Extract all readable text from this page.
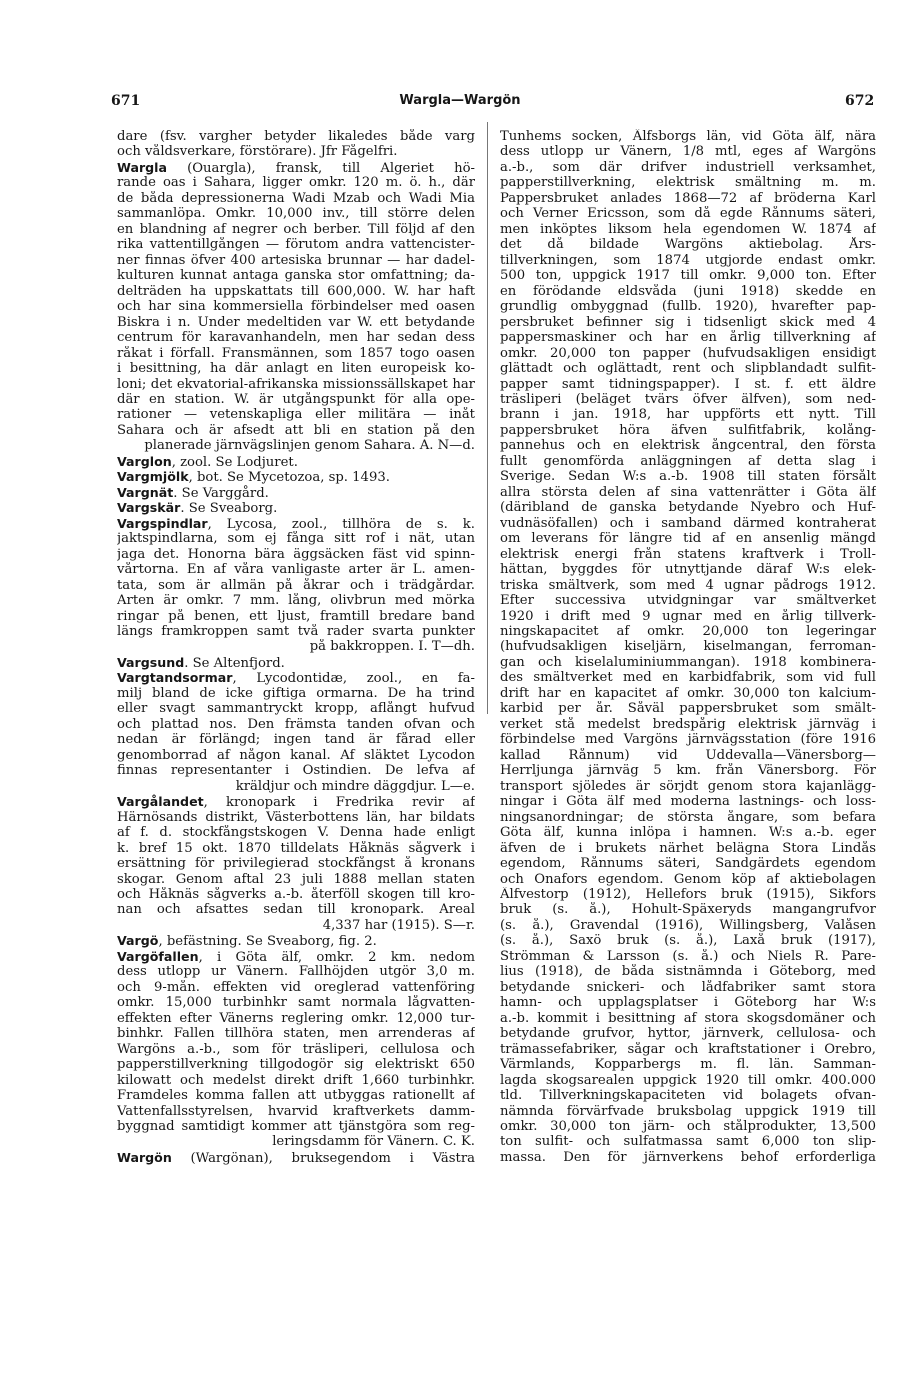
671	Wargla—Wargön	672
dare (fsv. vargher betyder likaledes både varg
och våldsverkare, förstörare). Jfr Fågelfri.
Wargla (Ouargla), fransk, till Algeriet hö-
rande oas i Sahara, ligger omkr. 120 m. ö. h., där
de båda depressionerna Wadi Mzab och Wadi Mia
sammanlöpa. Omkr. 10,000 inv., till större delen
en blandning af negrer och berber. Till följd af den
rika vattentillgången — förutom andra vattencister-
ner finnas öfver 400 artesiska brunnar — har dadel-
kulturen kunnat antaga ganska stor omfattning; da-
delträden ha uppskattats till 600,000. W. har haft
och har sina kommersiella förbindelser med oasen
Biskra i n. Under medeltiden var W. ett betydande
centrum för karavanhandeln, men har sedan dess
råkat i förfall. Fransmännen, som 1857 togo oasen
i besittning, ha där anlagt en liten europeisk ko-
loni; det ekvatorial-afrikanska missionssällskapet har
där en station. W. är utgångspunkt för alla ope-
rationer — vetenskapliga eller militära — inåt
Sahara och är afsedt att bli en station på den
planerade järnvägslinjen genom Sahara. A. N—d.
Varglon, zool. Se Lodjuret.
Vargmjölk, bot. Se Mycetozoa, sp. 1493.
Vargnät. Se Varggård.
Vargskär. Se Sveaborg.
Vargspindlar, Lycosa, zool., tillhöra de s. k.
jaktspindlarna, som ej fånga sitt rof i nät, utan
jaga det. Honorna bära äggsäcken fäst vid spinn-
vårtorna. En af våra vanligaste arter är L. amen-
tata, som är allmän på åkrar och i trädgårdar.
Arten är omkr. 7 mm. lång, olivbrun med mörka
ringar på benen, ett ljust, framtill bredare band
längs framkroppen samt två rader svarta punkter
på bakkroppen. I. T—dh.
Vargsund. Se Altenfjord.
Vargtandsormar, Lycodontidæ, zool., en fa-
milj bland de icke giftiga ormarna. De ha trind
eller svagt sammantryckt kropp, aflångt hufvud
och plattad nos. Den främsta tanden ofvan och
nedan är förlängd; ingen tand är fårad eller
genomborrad af någon kanal. Af släktet Lycodon
finnas representanter i Ostindien. De lefva af
kräldjur och mindre däggdjur. L—e.
Vargålandet, kronopark i Fredrika revir af
Härnösands distrikt, Västerbottens län, har bildats
af f. d. stockfångstskogen V. Denna hade enligt
k. bref 15 okt. 1870 tilldelats Håknäs sågverk i
ersättning för privilegierad stockfångst å kronans
skogar. Genom aftal 23 juli 1888 mellan staten
och Håknäs sågverks a.-b. återföll skogen till kro-
nan och afsattes sedan till kronopark. Areal
4,337 har (1915). S—r.
Vargö, befästning. Se Sveaborg, fig. 2.
Vargöfallen, i Göta älf, omkr. 2 km. nedom
dess utlopp ur Vänern. Fallhöjden utgör 3,0 m.
och 9-mån. effekten vid oreglerad vattenföring
omkr. 15,000 turbinhkr samt normala lågvatten-
effekten efter Vänerns reglering omkr. 12,000 tur-
binhkr. Fallen tillhöra staten, men arrenderas af
Wargöns a.-b., som för träsliperi, cellulosa och
papperstillverkning tillgodogör sig elektriskt 650
kilowatt och medelst direkt drift 1,660 turbinhkr.
Framdeles komma fallen att utbyggas rationellt af
Vattenfallsstyrelsen, hvarvid kraftverkets damm-
byggnad samtidigt kommer att tjänstgöra som reg-
leringsdamm för Vänern. C. K.
Wargön (Wargönan), bruksegendom i Västra
Tunhems socken, Älfsborgs län, vid Göta älf, nära
dess utlopp ur Vänern, 1/8 mtl, eges af Wargöns
a.-b., som där drifver industriell verksamhet,
papperstillverkning, elektrisk smältning m. m.
Pappersbruket anlades 1868—72 af bröderna Karl
och Verner Ericsson, som då egde Rånnums säteri,
men inköptes liksom hela egendomen W. 1874 af
det då bildade Wargöns aktiebolag. Års-
tillverkningen, som 1874 utgjorde endast omkr.
500 ton, uppgick 1917 till omkr. 9,000 ton. Efter
en förödande eldsvåda (juni 1918) skedde en
grundlig ombyggnad (fullb. 1920), hvarefter pap-
persbruket befinner sig i tidsenligt skick med 4
pappersmaskiner och har en årlig tillverkning af
omkr. 20,000 ton papper (hufvudsakligen ensidigt
glättadt och oglättadt, rent och slipblandadt sulfit-
papper samt tidningspapper). I st. f. ett äldre
träsliperi (beläget tvärs öfver älfven), som ned-
brann i jan. 1918, har uppförts ett nytt. Till
pappersbruket höra äfven sulfitfabrik, kolång-
pannehus och en elektrisk ångcentral, den första
fullt genomförda anläggningen af detta slag i
Sverige. Sedan W:s a.-b. 1908 till staten försålt
allra största delen af sina vattenrätter i Göta älf
(däribland de ganska betydande Nyebro och Huf-
vudnäsöfallen) och i samband därmed kontraherat
om leverans för längre tid af en ansenlig mängd
elektrisk energi från statens kraftverk i Troll-
hättan, byggdes för utnyttjande däraf W:s elek-
triska smältverk, som med 4 ugnar pådrogs 1912.
Efter successiva utvidgningar var smältverket
1920 i drift med 9 ugnar med en årlig tillverk-
ningskapacitet af omkr. 20,000 ton legeringar
(hufvudsakligen kiseljärn, kiselmangan, ferroman-
gan och kiselaluminiummangan). 1918 kombinera-
des smältverket med en karbidfabrik, som vid full
drift har en kapacitet af omkr. 30,000 ton kalcium-
karbid per år. Såväl pappersbruket som smält-
verket stå medelst bredspårig elektrisk järnväg i
förbindelse med Vargöns järnvägsstation (före 1916
kallad Rånnum) vid Uddevalla—Vänersborg—
Herrljunga järnväg 5 km. från Vänersborg. För
transport sjöledes är sörjdt genom stora kajanlägg-
ningar i Göta älf med moderna lastnings- och loss-
ningsanordningar; de största ångare, som befara
Göta älf, kunna inlöpa i hamnen. W:s a.-b. eger
äfven de i brukets närhet belägna Stora Lindås
egendom, Rånnums säteri, Sandgärdets egendom
och Önafors egendom. Genom köp af aktiebolagen
Älfvestorp (1912), Hellefors bruk (1915), Sikfors
bruk (s. å.), Hohult-Späxeryds mangangrufvor
(s. å.), Gravendal (1916), Willingsberg, Valåsen
(s. å.), Saxö bruk (s. å.), Laxå bruk (1917),
Strömman & Larsson (s. å.) och Niels R. Pare-
lius (1918), de båda sistnämnda i Göteborg, med
betydande snickeri- och lådfabriker samt stora
hamn- och upplagsplatser i Göteborg har W:s
a.-b. kommit i besittning af stora skogsdomäner och
betydande grufvor, hyttor, järnverk, cellulosa- och
trämassefabriker, sågar och kraftstationer i Örebro,
Värmlands, Kopparbergs m. fl. län. Samman-
lagda skogsarealen uppgick 1920 till omkr. 400.000
tld. Tillverkningskapaciteten vid bolagets ofvan-
nämnda förvärfvade bruksbolag uppgick 1919 till
omkr. 30,000 ton järn- och stålprodukter, 13,500
ton sulfit- och sulfatmassa samt 6,000 ton slip-
massa. Den för järnverkens behof erforderliga
